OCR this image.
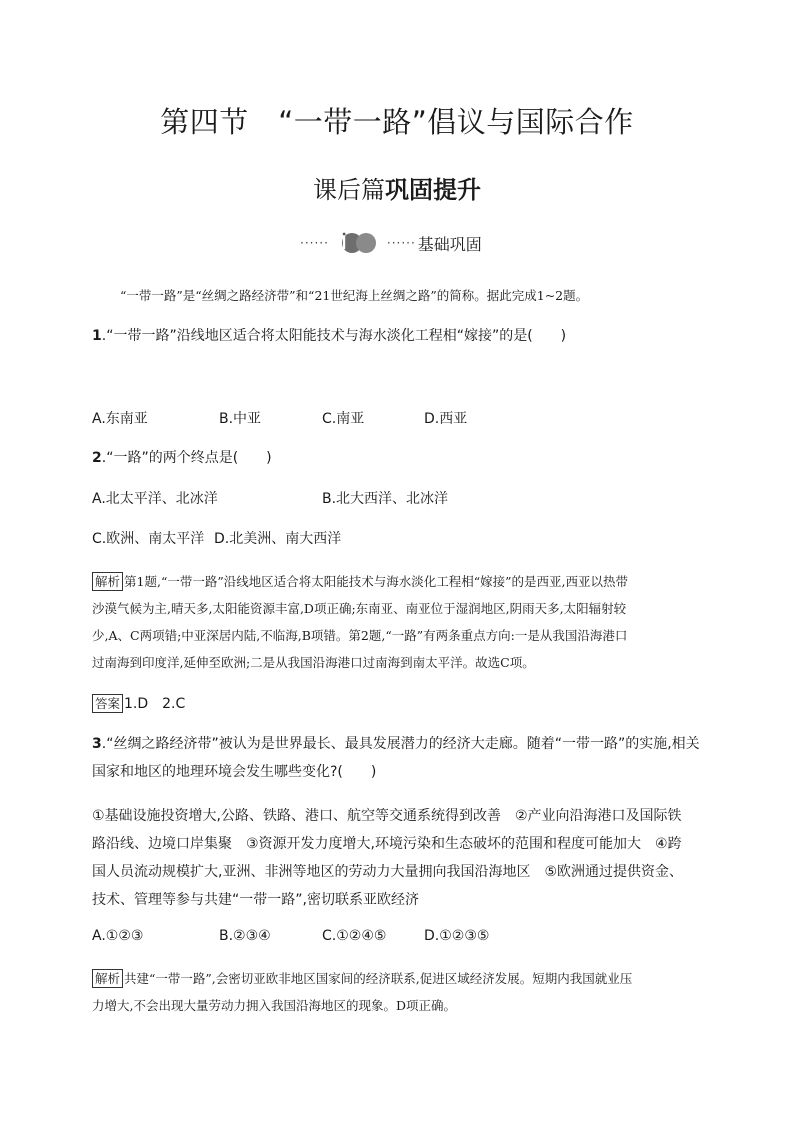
第四节　“一带一路”倡议与国际合作
课后篇巩固提升
······	······ 基础巩固
“一带一路”是“丝绸之路经济带”和“21世纪海上丝绸之路”的简称。据此完成1~2题。
1.“一带一路”沿线地区适合将太阳能技术与海水淡化工程相“嫁接”的是(　　)
A.东南亚	B.中亚	C.南亚	D.西亚
2.“一路”的两个终点是(　　)
A.北太平洋、北冰洋	B.北大西洋、北冰洋
C.欧洲、南太平洋 D.北美洲、南大西洋
解析 第1题,“一带一路”沿线地区适合将太阳能技术与海水淡化工程相“嫁接”的是西亚,西亚以热带
沙漠气候为主,晴天多,太阳能资源丰富,D项正确;东南亚、南亚位于湿润地区,阴雨天多,太阳辐射较
少,A、C两项错;中亚深居内陆,不临海,B项错。第2题,“一路”有两条重点方向:一是从我国沿海港口
过南海到印度洋,延伸至欧洲;二是从我国沿海港口过南海到南太平洋。故选C项。
答案 1.D　2.C
3.“丝绸之路经济带”被认为是世界最长、最具发展潜力的经济大走廊。随着“一带一路”的实施,相关
国家和地区的地理环境会发生哪些变化?(　　)
①基础设施投资增大,公路、铁路、港口、航空等交通系统得到改善　②产业向沿海港口及国际铁
路沿线、边境口岸集聚　③资源开发力度增大,环境污染和生态破坏的范围和程度可能加大　④跨
国人员流动规模扩大,亚洲、非洲等地区的劳动力大量拥向我国沿海地区　⑤欧洲通过提供资金、
技术、管理等参与共建“一带一路”,密切联系亚欧经济
A.①②③	B.②③④	C.①②④⑤	D.①②③⑤
解析 共建“一带一路”,会密切亚欧非地区国家间的经济联系,促进区域经济发展。短期内我国就业压
力增大,不会出现大量劳动力拥入我国沿海地区的现象。D项正确。
